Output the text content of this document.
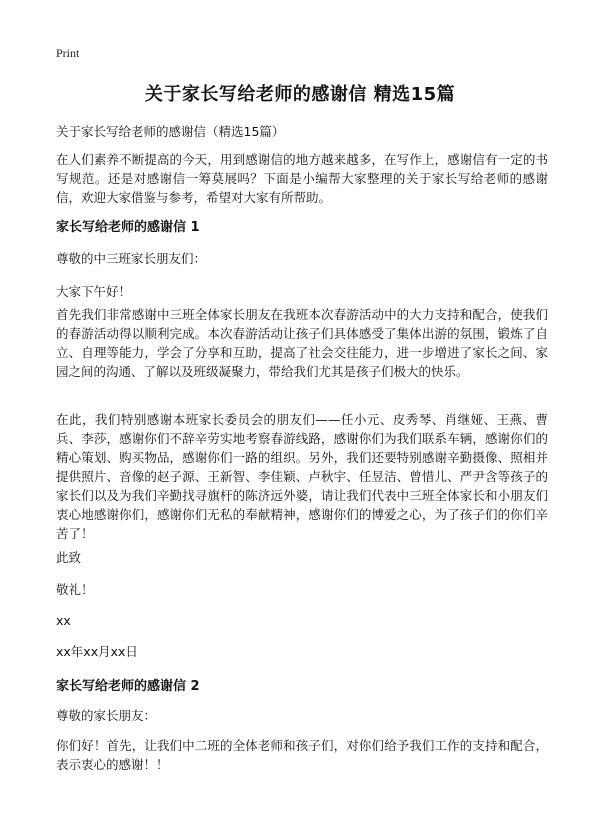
Print
关于家长写给老师的感谢信 精选15篇
关于家长写给老师的感谢信（精选15篇）

在人们素养不断提高的今天，用到感谢信的地方越来越多，在写作上，感谢信有一定的书写规范。还是对感谢信一筹莫展吗？下面是小编帮大家整理的关于家长写给老师的感谢信，欢迎大家借鉴与参考，希望对大家有所帮助。

家长写给老师的感谢信 1

尊敬的中三班家长朋友们：

大家下午好！

首先我们非常感谢中三班全体家长朋友在我班本次春游活动中的大力支持和配合，使我们的春游活动得以顺利完成。本次春游活动让孩子们具体感受了集体出游的氛围，锻炼了自立、自理等能力，学会了分享和互助，提高了社会交往能力，进一步增进了家长之间、家园之间的沟通、了解以及班级凝聚力，带给我们尤其是孩子们极大的快乐。

在此，我们特别感谢本班家长委员会的朋友们——任小元、皮秀琴、肖继娅、王燕、曹兵、李莎，感谢你们不辞辛劳实地考察春游线路，感谢你们为我们联系车辆，感谢你们的精心策划、购买物品，感谢你们一路的组织。另外，我们还要特别感谢辛勤摄像、照相并提供照片、音像的赵子源、王新智、李佳颖、卢秋宇、任昱洁、曾惜儿、严尹含等孩子的家长们以及为我们辛勤找寻旗杆的陈济远外婆，请让我们代表中三班全体家长和小朋友们衷心地感谢你们，感谢你们无私的奉献精神，感谢你们的博爱之心，为了孩子们的你们辛苦了！

此致

敬礼！

xx

xx年xx月xx日

家长写给老师的感谢信 2

尊敬的家长朋友：

你们好！首先，让我们中二班的全体老师和孩子们，对你们给予我们工作的支持和配合，表示衷心的感谢！！
